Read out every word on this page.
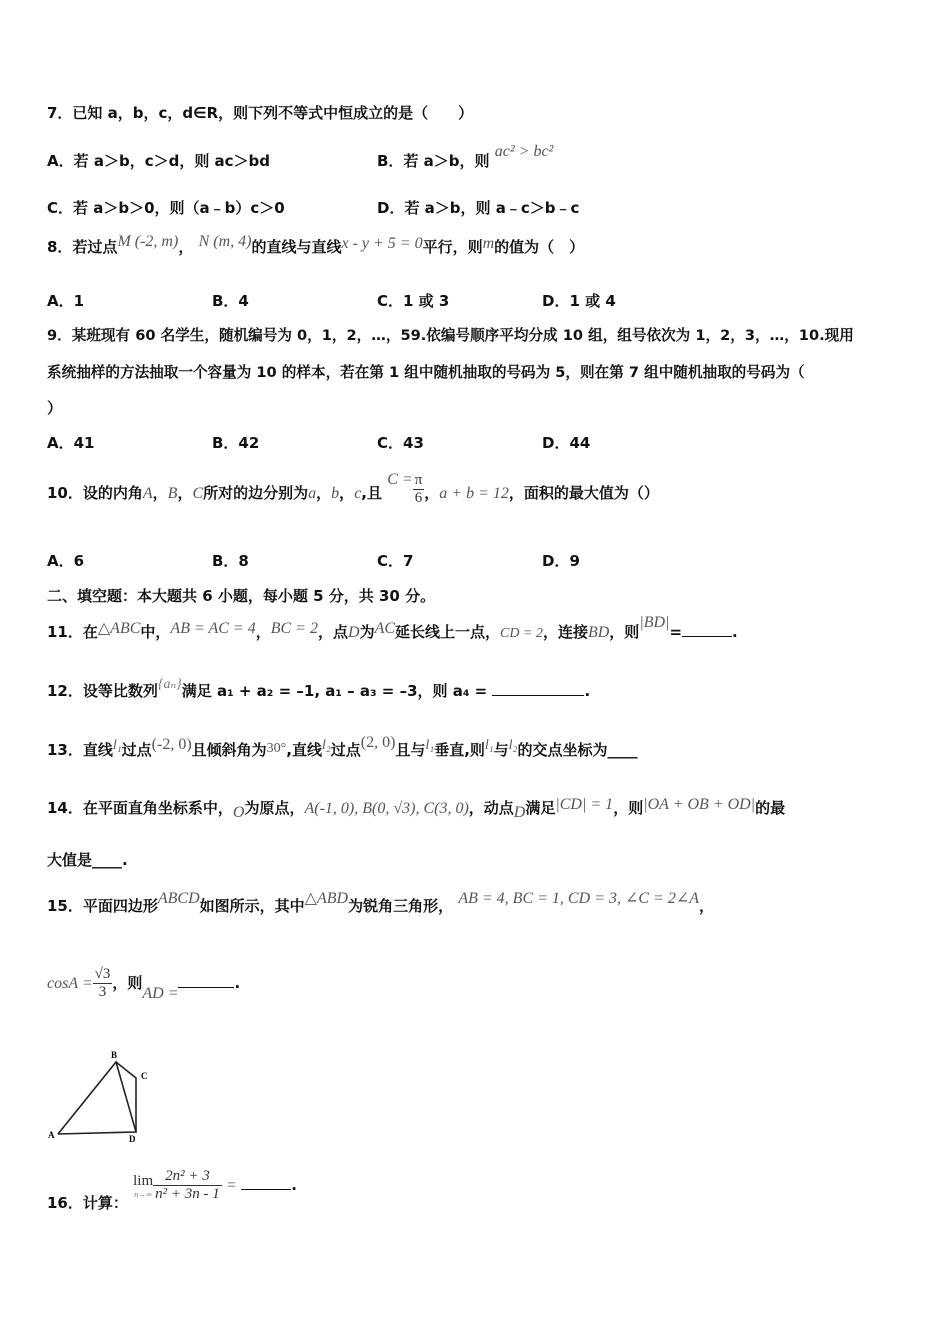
7．已知 a，b，c，d∈R，则下列不等式中恒成立的是（　　）
A．若 a＞b，c＞d，则 ac＞bd	B．若 a＞b，则 ac² > bc²
C．若 a＞b＞0，则（a﹣b）c＞0	D．若 a＞b，则 a﹣c＞b﹣c
8．若过点M (-2, m)， N (m, 4)的直线与直线x - y + 5 = 0平行，则m的值为（　）
A．1	B．4	C．1 或 3	D．1 或 4
9．某班现有 60 名学生，随机编号为 0，1，2，…，59.依编号顺序平均分成 10 组，组号依次为 1，2，3，…，10.现用
系统抽样的方法抽取一个容量为 10 的样本，若在第 1 组中随机抽取的号码为 5，则在第 7 组中随机抽取的号码为（
）
A．41	B．42	C．43	D．44
10．设的内角A，B，C所对的边分别为a，b，c,且 $C = \frac{\pi}{6}$ ，a + b = 12，面积的最大值为（）
A．6	B．8	C．7	D．9
二、填空题：本大题共 6 小题，每小题 5 分，共 30 分。
11．在△ABC中，AB = AC = 4，BC = 2，点D为AC延长线上一点，CD = 2，连接BD，则|BD|=	.
12．设等比数列{aₙ}满足 a₁ + a₂ = –1, a₁ – a₃ = –3，则 a₄ =	.
13．直线l₁过点(-2, 0)且倾斜角为30°,直线l₂过点(2, 0)且与l₁垂直,则l₁与l₂的交点坐标为____
14．在平面直角坐标系中，O为原点，A(-1, 0), B(0, √3), C(3, 0)，动点D满足|CD| = 1，则|OA + OB + OD|的最
大值是____.
15．平面四边形ABCD如图所示，其中△ABD为锐角三角形， AB = 4, BC = 1, CD = 3, ∠C = 2∠A，
$\cos A = \frac{√3}{3}$ ，则AD =.
A
B
C
D
16．计算：
lim
$n\to\infty \frac{\text{2n² + 3}}{\text{n² + 3n - 1}}$ =	.
